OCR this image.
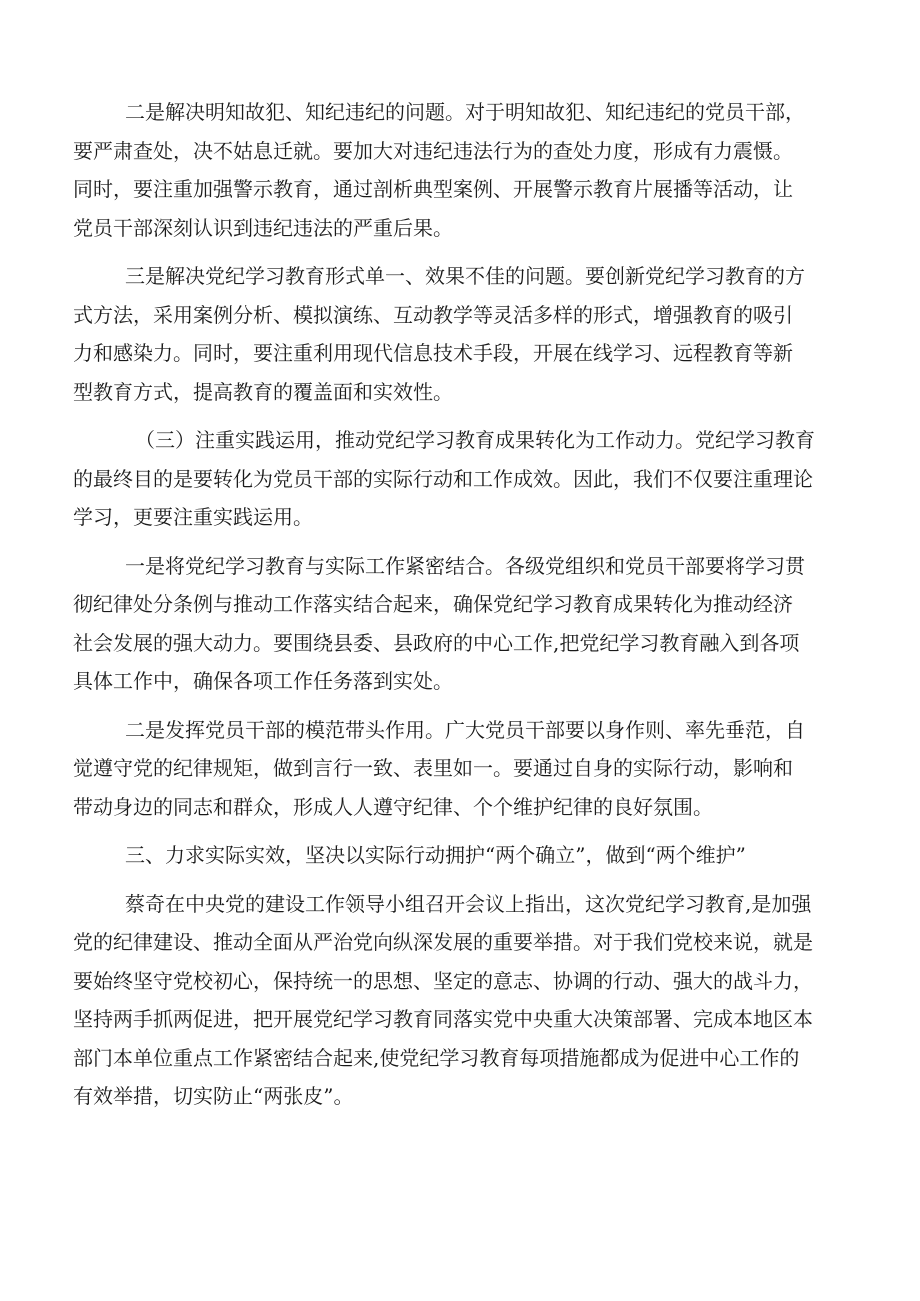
二是解决明知故犯、知纪违纪的问题。对于明知故犯、知纪违纪的党员干部，
要严肃查处，决不姑息迁就。要加大对违纪违法行为的查处力度，形成有力震慑。
同时，要注重加强警示教育，通过剖析典型案例、开展警示教育片展播等活动，让
党员干部深刻认识到违纪违法的严重后果。
三是解决党纪学习教育形式单一、效果不佳的问题。要创新党纪学习教育的方
式方法，采用案例分析、模拟演练、互动教学等灵活多样的形式，增强教育的吸引
力和感染力。同时，要注重利用现代信息技术手段，开展在线学习、远程教育等新
型教育方式，提高教育的覆盖面和实效性。
（三）注重实践运用，推动党纪学习教育成果转化为工作动力。党纪学习教育
的最终目的是要转化为党员干部的实际行动和工作成效。因此，我们不仅要注重理论
学习，更要注重实践运用。
一是将党纪学习教育与实际工作紧密结合。各级党组织和党员干部要将学习贯
彻纪律处分条例与推动工作落实结合起来，确保党纪学习教育成果转化为推动经济
社会发展的强大动力。要围绕县委、县政府的中心工作,把党纪学习教育融入到各项
具体工作中，确保各项工作任务落到实处。
二是发挥党员干部的模范带头作用。广大党员干部要以身作则、率先垂范，自
觉遵守党的纪律规矩，做到言行一致、表里如一。要通过自身的实际行动，影响和
带动身边的同志和群众，形成人人遵守纪律、个个维护纪律的良好氛围。
三、力求实际实效，坚决以实际行动拥护“两个确立”，做到“两个维护”
蔡奇在中央党的建设工作领导小组召开会议上指出，这次党纪学习教育,是加强
党的纪律建设、推动全面从严治党向纵深发展的重要举措。对于我们党校来说，就是
要始终坚守党校初心，保持统一的思想、坚定的意志、协调的行动、强大的战斗力，
坚持两手抓两促进，把开展党纪学习教育同落实党中央重大决策部署、完成本地区本
部门本单位重点工作紧密结合起来,使党纪学习教育每项措施都成为促进中心工作的
有效举措，切实防止“两张皮”。
